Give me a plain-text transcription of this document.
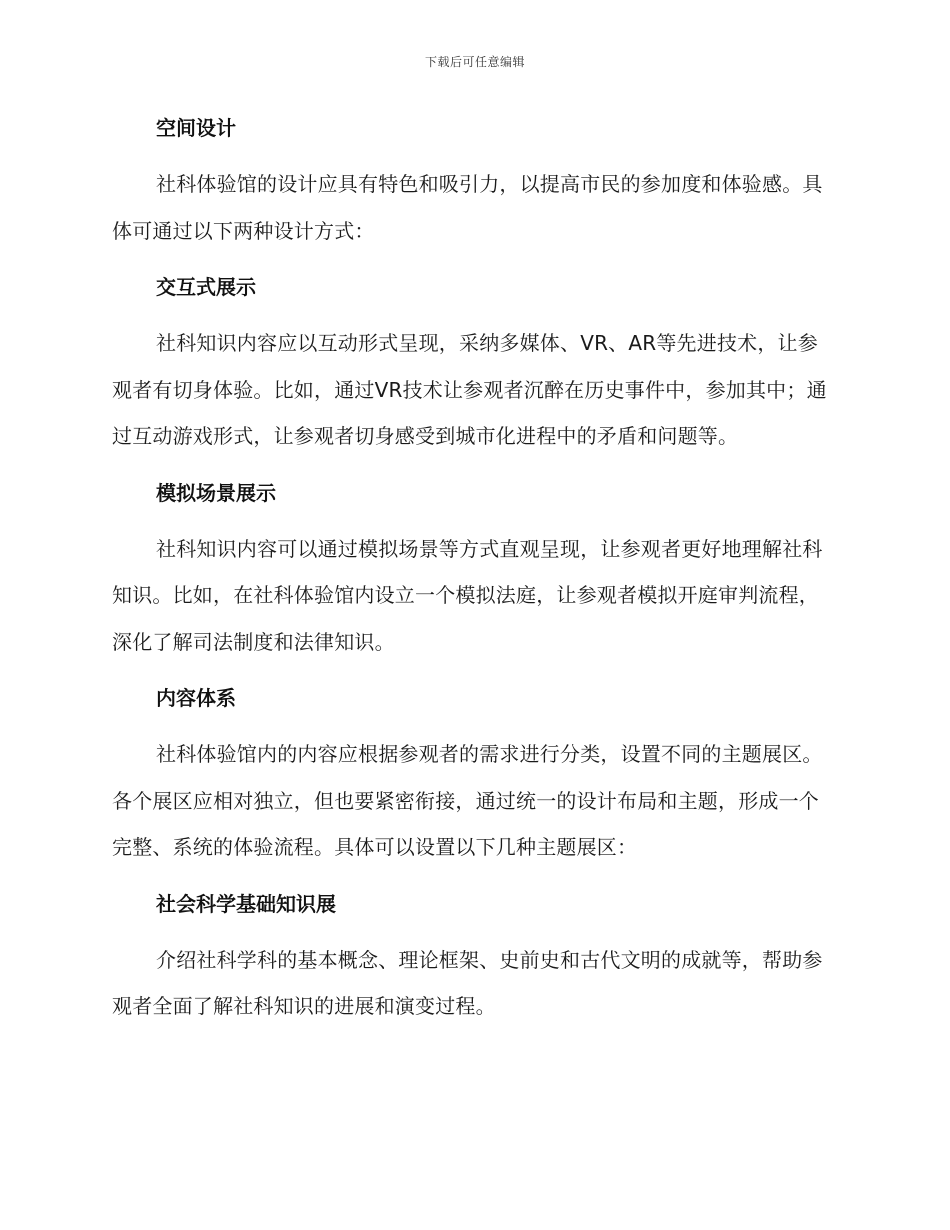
下载后可任意编辑
空间设计

社科体验馆的设计应具有特色和吸引力，以提高市民的参加度和体验感。具体可通过以下两种设计方式：

交互式展示

社科知识内容应以互动形式呈现，采纳多媒体、VR、AR等先进技术，让参观者有切身体验。比如，通过VR技术让参观者沉醉在历史事件中，参加其中；通过互动游戏形式，让参观者切身感受到城市化进程中的矛盾和问题等。

模拟场景展示

社科知识内容可以通过模拟场景等方式直观呈现，让参观者更好地理解社科知识。比如，在社科体验馆内设立一个模拟法庭，让参观者模拟开庭审判流程，深化了解司法制度和法律知识。

内容体系

社科体验馆内的内容应根据参观者的需求进行分类，设置不同的主题展区。各个展区应相对独立，但也要紧密衔接，通过统一的设计布局和主题，形成一个完整、系统的体验流程。具体可以设置以下几种主题展区：

社会科学基础知识展

介绍社科学科的基本概念、理论框架、史前史和古代文明的成就等，帮助参观者全面了解社科知识的进展和演变过程。
